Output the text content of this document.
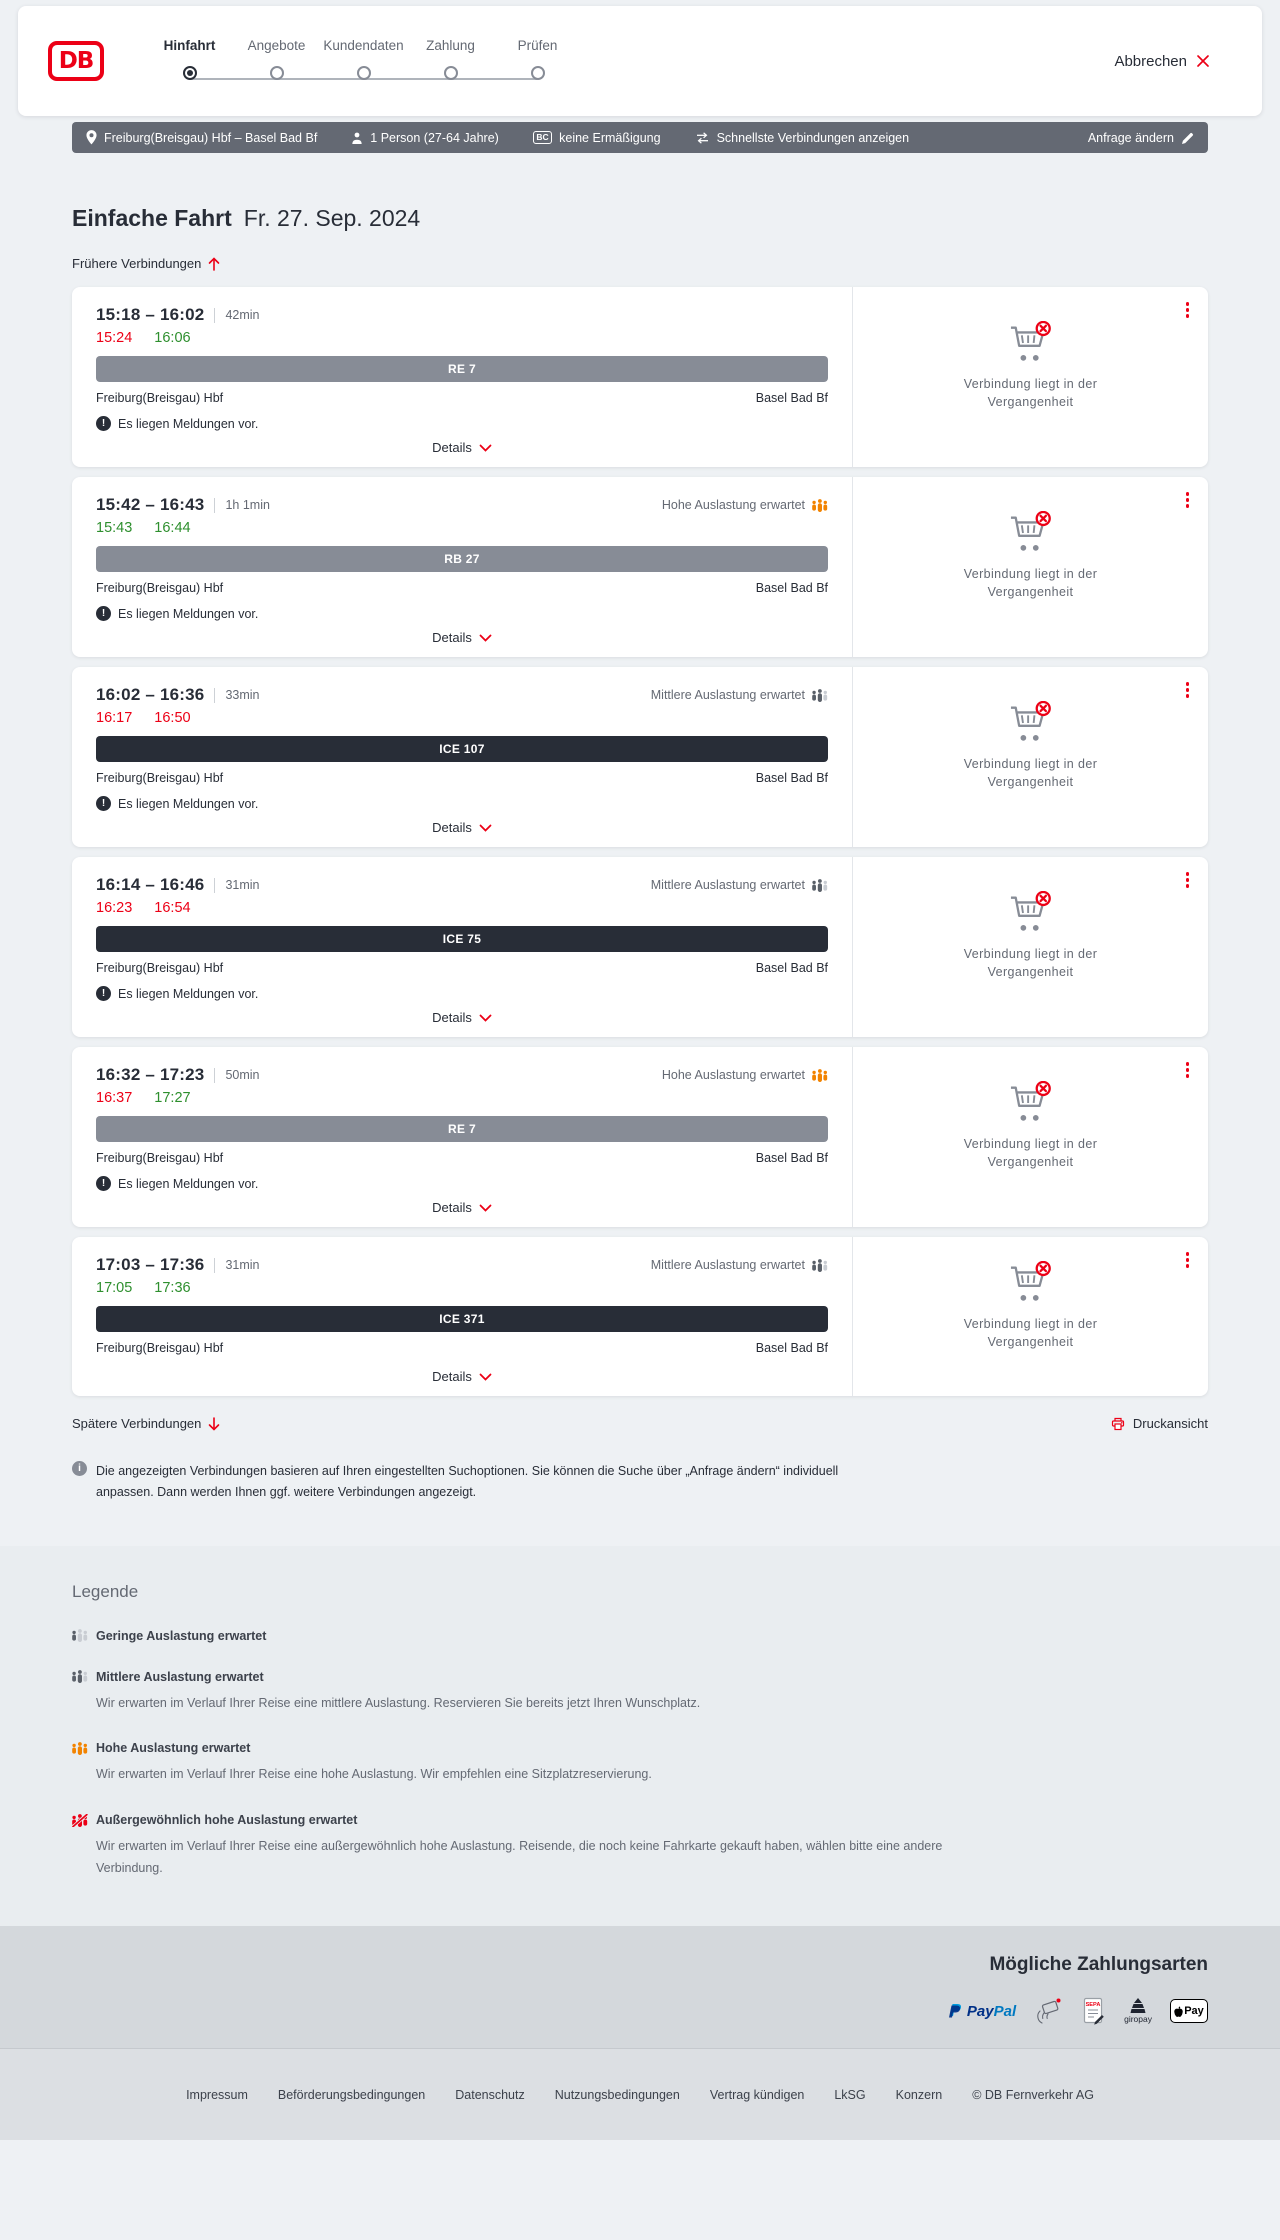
DB
Hinfahrt	Angebote	Kundendaten	Zahlung	Prüfen
Abbrechen
Freiburg(Breisgau) Hbf – Basel Bad Bf	1 Person (27-64 Jahre)	BC keine Ermäßigung	Schnellste Verbindungen anzeigen	Anfrage ändern
Einfache Fahrt Fr. 27. Sep. 2024
Frühere Verbindungen
15:18 – 16:02 42min
15:24 16:06
RE 7
Freiburg(Breisgau) Hbf	Basel Bad Bf
!	Es liegen Meldungen vor.
Details
Verbindung liegt in der Vergangenheit
15:42 – 16:43 1h 1min	Hohe Auslastung erwartet
15:43 16:44
RB 27
Freiburg(Breisgau) Hbf	Basel Bad Bf
!	Es liegen Meldungen vor.
Details
Verbindung liegt in der Vergangenheit
16:02 – 16:36 33min	Mittlere Auslastung erwartet
16:17 16:50
ICE 107
Freiburg(Breisgau) Hbf	Basel Bad Bf
!	Es liegen Meldungen vor.
Details
Verbindung liegt in der Vergangenheit
16:14 – 16:46 31min	Mittlere Auslastung erwartet
16:23 16:54
ICE 75
Freiburg(Breisgau) Hbf	Basel Bad Bf
!	Es liegen Meldungen vor.
Details
Verbindung liegt in der Vergangenheit
16:32 – 17:23 50min	Hohe Auslastung erwartet
16:37 17:27
RE 7
Freiburg(Breisgau) Hbf	Basel Bad Bf
!	Es liegen Meldungen vor.
Details
Verbindung liegt in der Vergangenheit
17:03 – 17:36 31min	Mittlere Auslastung erwartet
17:05 17:36
ICE 371
Freiburg(Breisgau) Hbf	Basel Bad Bf
Details
Verbindung liegt in der Vergangenheit
Spätere Verbindungen	Druckansicht
i	Die angezeigten Verbindungen basieren auf Ihren eingestellten Suchoptionen. Sie können die Suche über „Anfrage ändern“ individuell anpassen. Dann werden Ihnen ggf. weitere Verbindungen angezeigt.

Legende
Geringe Auslastung erwartet
Mittlere Auslastung erwartet

Wir erwarten im Verlauf Ihrer Reise eine mittlere Auslastung. Reservieren Sie bereits jetzt Ihren Wunschplatz.

Hohe Auslastung erwartet

Wir erwarten im Verlauf Ihrer Reise eine hohe Auslastung. Wir empfehlen eine Sitzplatzreservierung.

Außergewöhnlich hohe Auslastung erwartet

Wir erwarten im Verlauf Ihrer Reise eine außergewöhnlich hohe Auslastung. Reisende, die noch keine Fahrkarte gekauft haben, wählen bitte eine andere Verbindung.

Mögliche Zahlungsarten
PayPal	SEPA
giropay
Pay
Impressum Beförderungsbedingungen Datenschutz Nutzungsbedingungen Vertrag kündigen LkSG Konzern © DB Fernverkehr AG
